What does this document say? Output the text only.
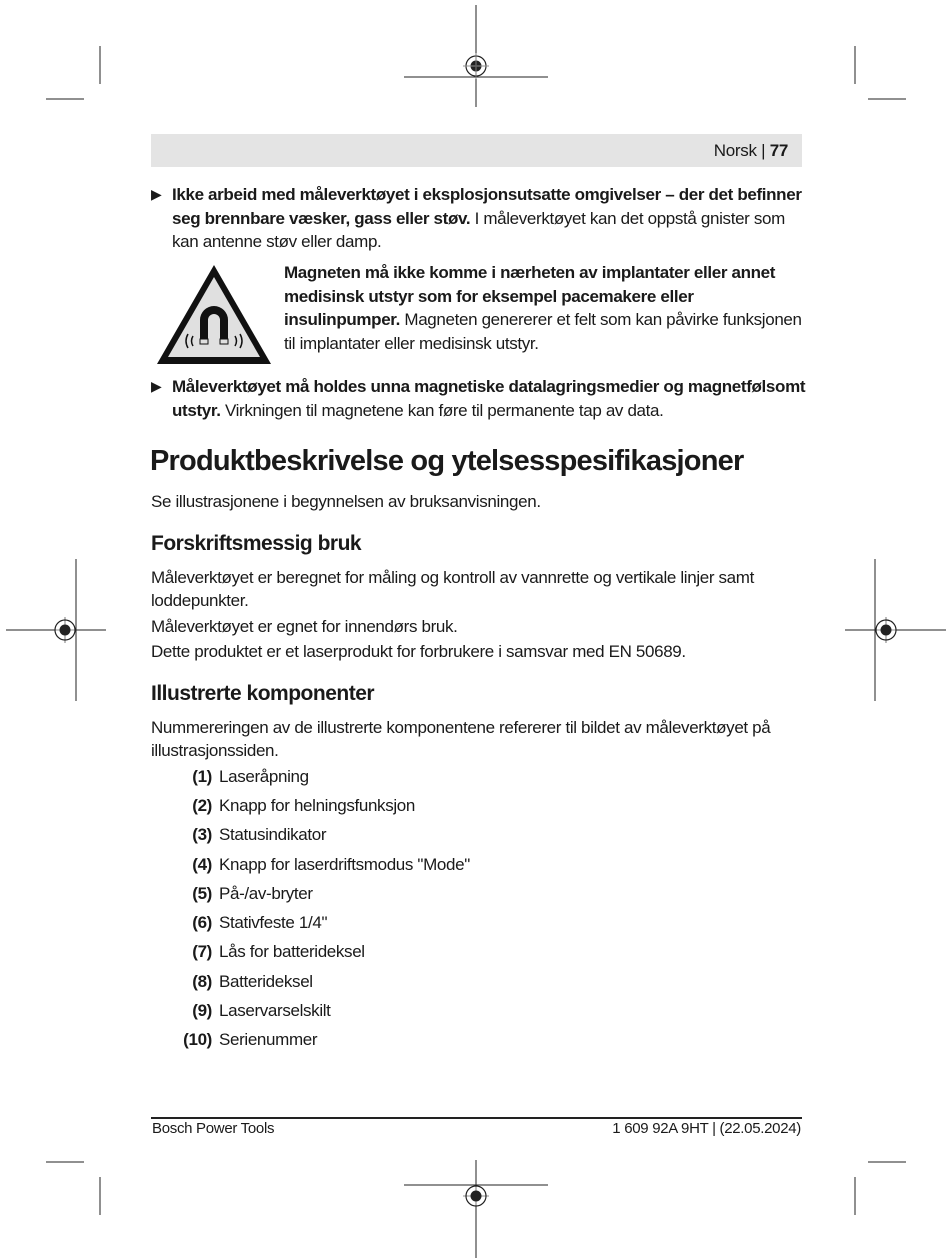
Norsk | 77
▶ Ikke arbeid med måleverktøyet i eksplosjonsutsatte omgivelser – der det befinner seg brennbare væsker, gass eller støv. I måleverktøyet kan det oppstå gnister som kan antenne støv eller damp.
Magneten må ikke komme i nærheten av implantater eller annet medisinsk utstyr som for eksempel pacemakere eller insulinpumper. Magneten genererer et felt som kan påvirke funksjonen til implantater eller medisinsk utstyr.
▶ Måleverktøyet må holdes unna magnetiske datalagringsmedier og magnetfølsomt utstyr. Virkningen til magnetene kan føre til permanente tap av data.
Produktbeskrivelse og ytelsesspesifikasjoner
Se illustrasjonene i begynnelsen av bruksanvisningen.
Forskriftsmessig bruk
Måleverktøyet er beregnet for måling og kontroll av vannrette og vertikale linjer samt loddepunkter.
Måleverktøyet er egnet for innendørs bruk.
Dette produktet er et laserprodukt for forbrukere i samsvar med EN 50689.
Illustrerte komponenter
Nummereringen av de illustrerte komponentene refererer til bildet av måleverktøyet på illustrasjonssiden.
(1) Laseråpning
(2) Knapp for helningsfunksjon
(3) Statusindikator
(4) Knapp for laserdriftsmodus "Mode"
(5) På-/av-bryter
(6) Stativfeste 1/4"
(7) Lås for batterideksel
(8) Batterideksel
(9) Laservarselskilt
(10) Serienummer
Bosch Power Tools	1 609 92A 9HT | (22.05.2024)
